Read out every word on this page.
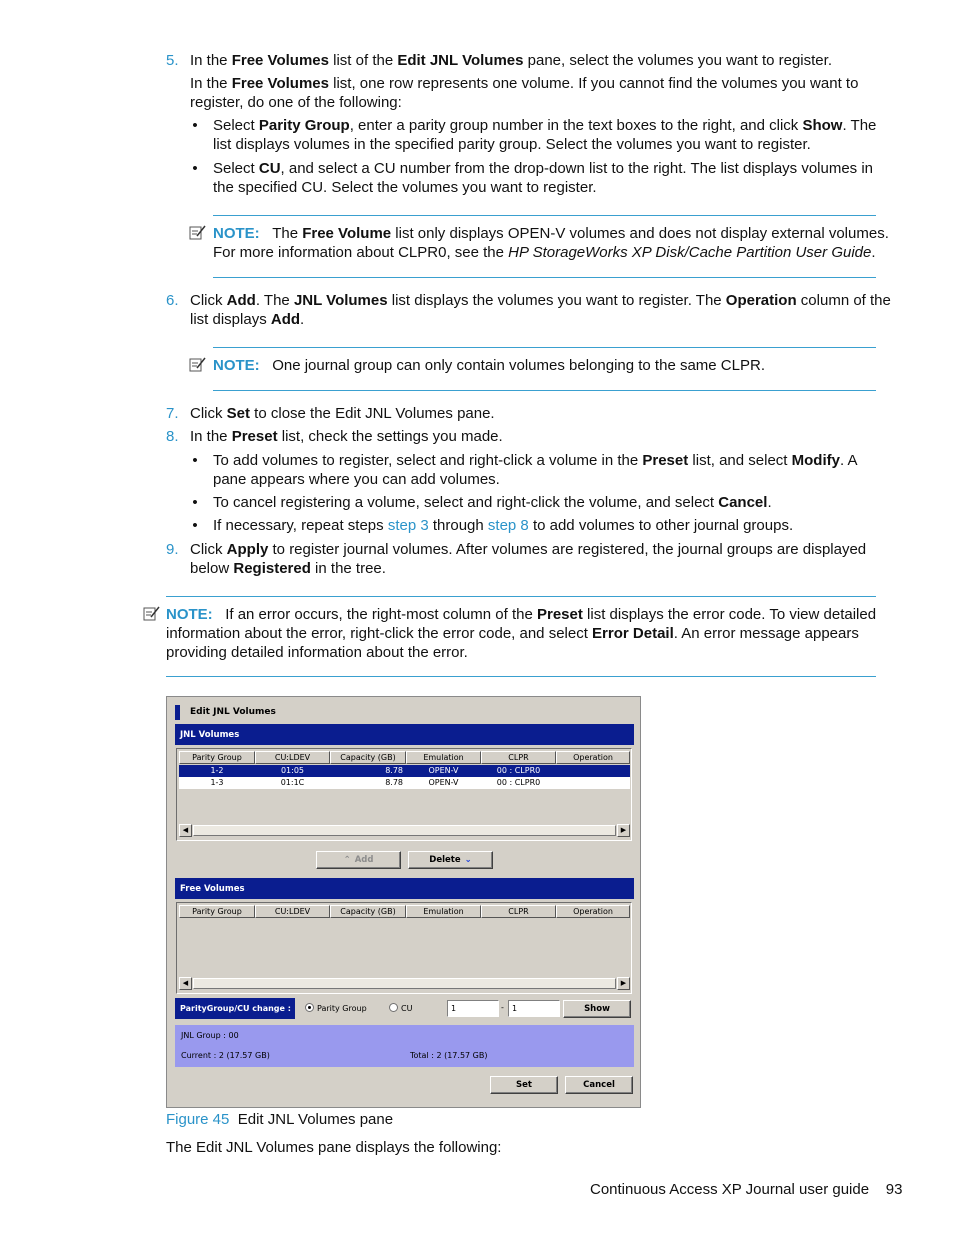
5. In the Free Volumes list of the Edit JNL Volumes pane, select the volumes you want to register.
In the Free Volumes list, one row represents one volume. If you cannot find the volumes you want to
register, do one of the following:
• Select Parity Group, enter a parity group number in the text boxes to the right, and click Show. The
list displays volumes in the specified parity group. Select the volumes you want to register.
• Select CU, and select a CU number from the drop-down list to the right. The list displays volumes in
the specified CU. Select the volumes you want to register.
NOTE: The Free Volume list only displays OPEN-V volumes and does not display external volumes.
For more information about CLPR0, see the HP StorageWorks XP Disk/Cache Partition User Guide.
6. Click Add. The JNL Volumes list displays the volumes you want to register. The Operation column of the
list displays Add.
NOTE: One journal group can only contain volumes belonging to the same CLPR.
7. Click Set to close the Edit JNL Volumes pane.
8. In the Preset list, check the settings you made.
• To add volumes to register, select and right-click a volume in the Preset list, and select Modify. A
pane appears where you can add volumes.
• To cancel registering a volume, select and right-click the volume, and select Cancel.
• If necessary, repeat steps step 3 through step 8 to add volumes to other journal groups.
9. Click Apply to register journal volumes. After volumes are registered, the journal groups are displayed
below Registered in the tree.
NOTE: If an error occurs, the right-most column of the Preset list displays the error code. To view detailed
information about the error, right-click the error code, and select Error Detail. An error message appears
providing detailed information about the error.
Edit JNL Volumes
JNL Volumes
Parity Group	CU:LDEV	Capacity (GB)	Emulation	CLPR	Operation
1-2	01:05	8.78	OPEN-V	00 : CLPR0
1-3	01:1C	8.78	OPEN-V	00 : CLPR0
◀	▶
⌃ Add	Delete ⌄
Free Volumes
Parity Group	CU:LDEV	Capacity (GB)	Emulation	CLPR	Operation
◀	▶
ParityGroup/CU change :	Parity Group	CU	1	-	1	Show
JNL Group : 00
Current : 2 (17.57 GB)	Total : 2 (17.57 GB)
Set	Cancel
Figure 45 Edit JNL Volumes pane
The Edit JNL Volumes pane displays the following:
Continuous Access XP Journal user guide 93
